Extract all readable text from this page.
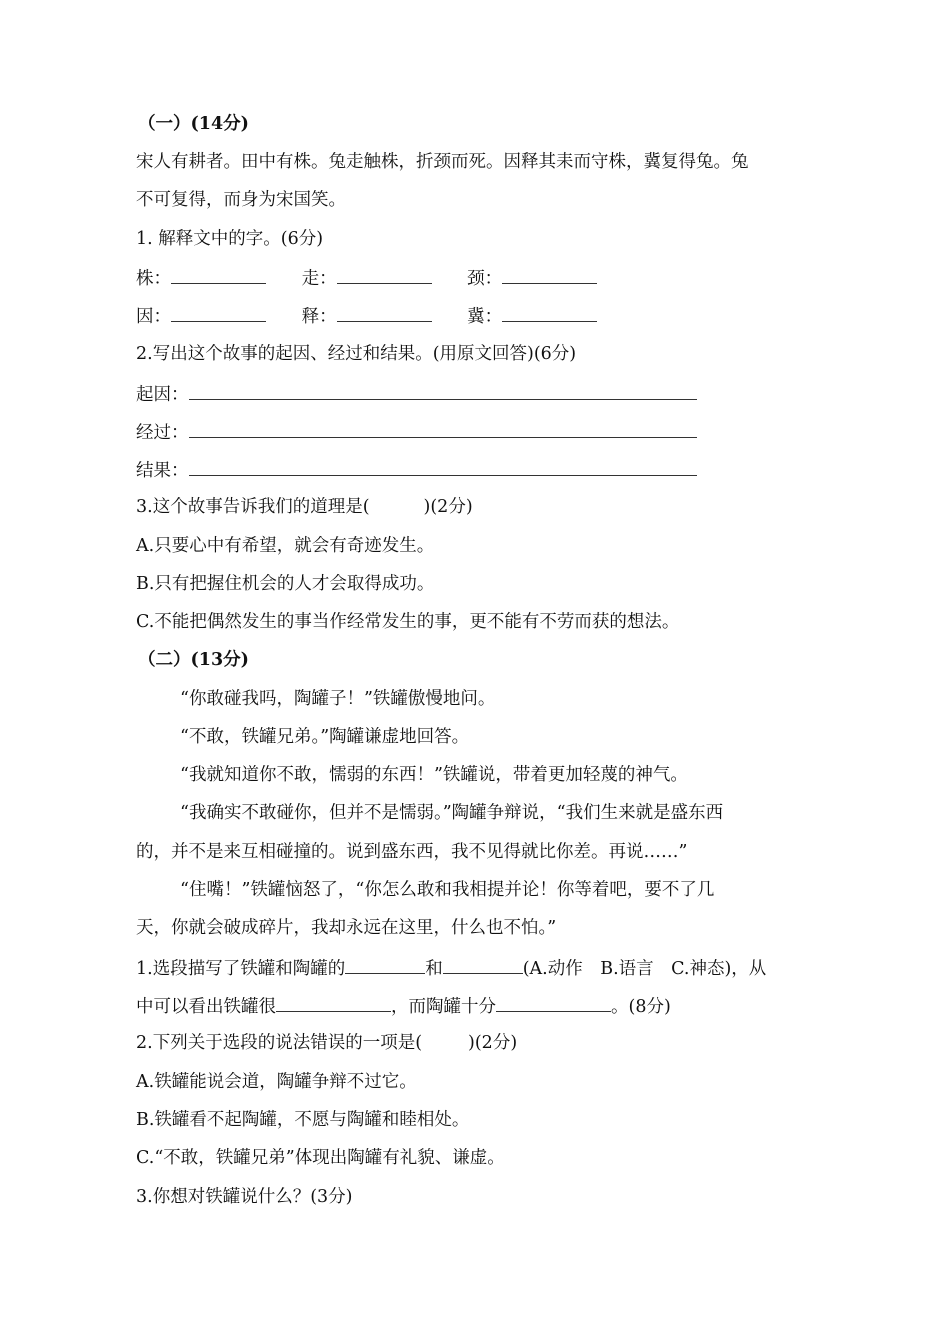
（一）(14分)
宋人有耕者。田中有株。兔走触株，折颈而死。因释其耒而守株，冀复得兔。兔
不可复得，而身为宋国笑。
1. 解释文中的字。(6分)
株：	走：	颈：
因：	释：	冀：
2.写出这个故事的起因、经过和结果。(用原文回答)(6分)
起因：
经过：
结果：
3.这个故事告诉我们的道理是(	)(2分)
A.只要心中有希望，就会有奇迹发生。
B.只有把握住机会的人才会取得成功。
C.不能把偶然发生的事当作经常发生的事，更不能有不劳而获的想法。
（二）(13分)
“你敢碰我吗，陶罐子！”铁罐傲慢地问。
“不敢，铁罐兄弟。”陶罐谦虚地回答。
“我就知道你不敢，懦弱的东西！”铁罐说，带着更加轻蔑的神气。
“我确实不敢碰你，但并不是懦弱。”陶罐争辩说，“我们生来就是盛东西
的，并不是来互相碰撞的。说到盛东西，我不见得就比你差。再说……”
“住嘴！”铁罐恼怒了，“你怎么敢和我相提并论！你等着吧，要不了几
天，你就会破成碎片，我却永远在这里，什么也不怕。”
1.选段描写了铁罐和陶罐的	和	(A.动作　B.语言　C.神态)，从
中可以看出铁罐很	，而陶罐十分	。(8分)
2.下列关于选段的说法错误的一项是(	)(2分)
A.铁罐能说会道，陶罐争辩不过它。
B.铁罐看不起陶罐，不愿与陶罐和睦相处。
C.“不敢，铁罐兄弟”体现出陶罐有礼貌、谦虚。
3.你想对铁罐说什么？(3分)
